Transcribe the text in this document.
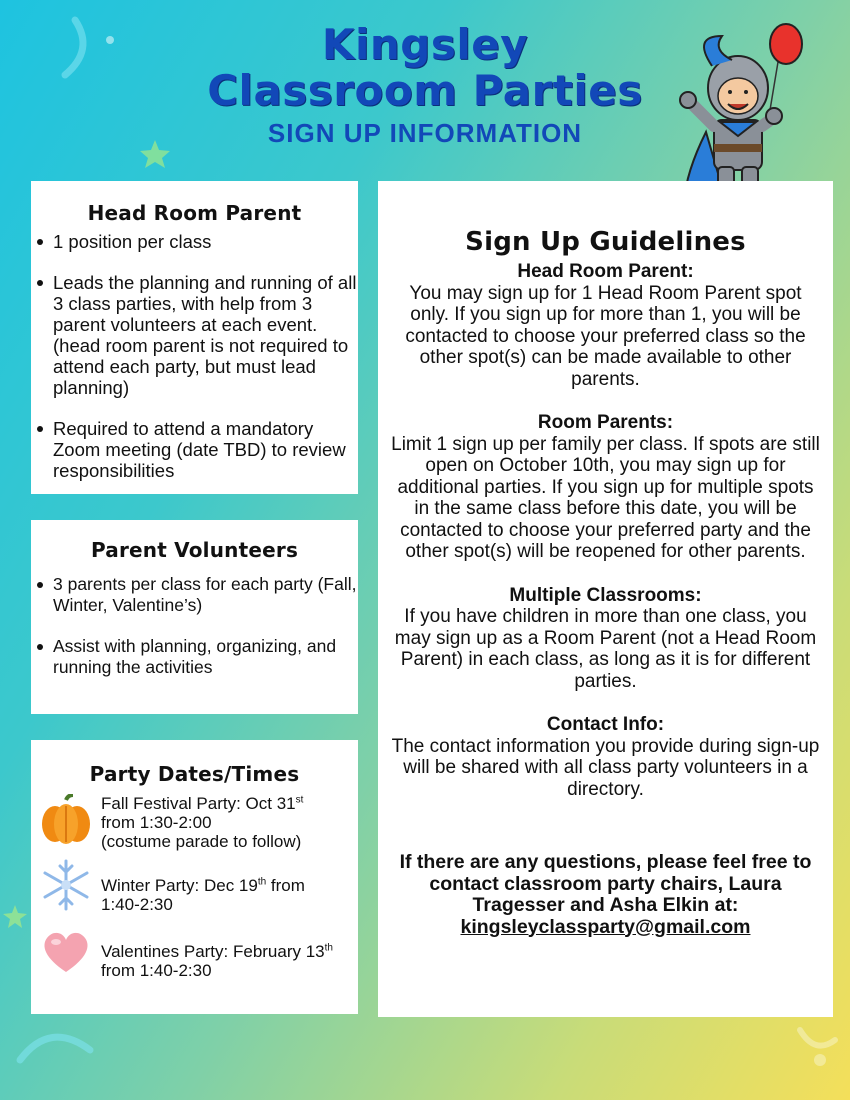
Kingsley
Classroom Parties
SIGN UP INFORMATION
Head Room Parent
1 position per class
Leads the planning and running of all 3 class parties, with help from 3 parent volunteers at each event. (head room parent is not required to attend each party, but must lead planning)
Required to attend a mandatory Zoom meeting (date TBD) to review responsibilities
Parent Volunteers
3 parents per class for each party (Fall, Winter, Valentine’s)
Assist with planning, organizing, and running the activities
Party Dates/Times
Fall Festival Party: Oct 31st
from 1:30-2:00
(costume parade to follow)
Winter Party: Dec 19th from
1:40-2:30
Valentines Party: February 13th
from 1:40-2:30
Sign Up Guidelines
Head Room Parent:
You may sign up for 1 Head Room Parent spot only. If you sign up for more than 1, you will be contacted to choose your preferred class so the other spot(s) can be made available to other parents.
Room Parents:
Limit 1 sign up per family per class. If spots are still open on October 10th, you may sign up for additional parties. If you sign up for multiple spots in the same class before this date, you will be contacted to choose your preferred party and the other spot(s) will be reopened for other parents.
Multiple Classrooms:
If you have children in more than one class, you may sign up as a Room Parent (not a Head Room Parent) in each class, as long as it is for different parties.
Contact Info:
The contact information you provide during sign-up will be shared with all class party volunteers in a directory.
If there are any questions, please feel free to contact classroom party chairs, Laura Tragesser and Asha Elkin at:
kingsleyclassparty@gmail.com
